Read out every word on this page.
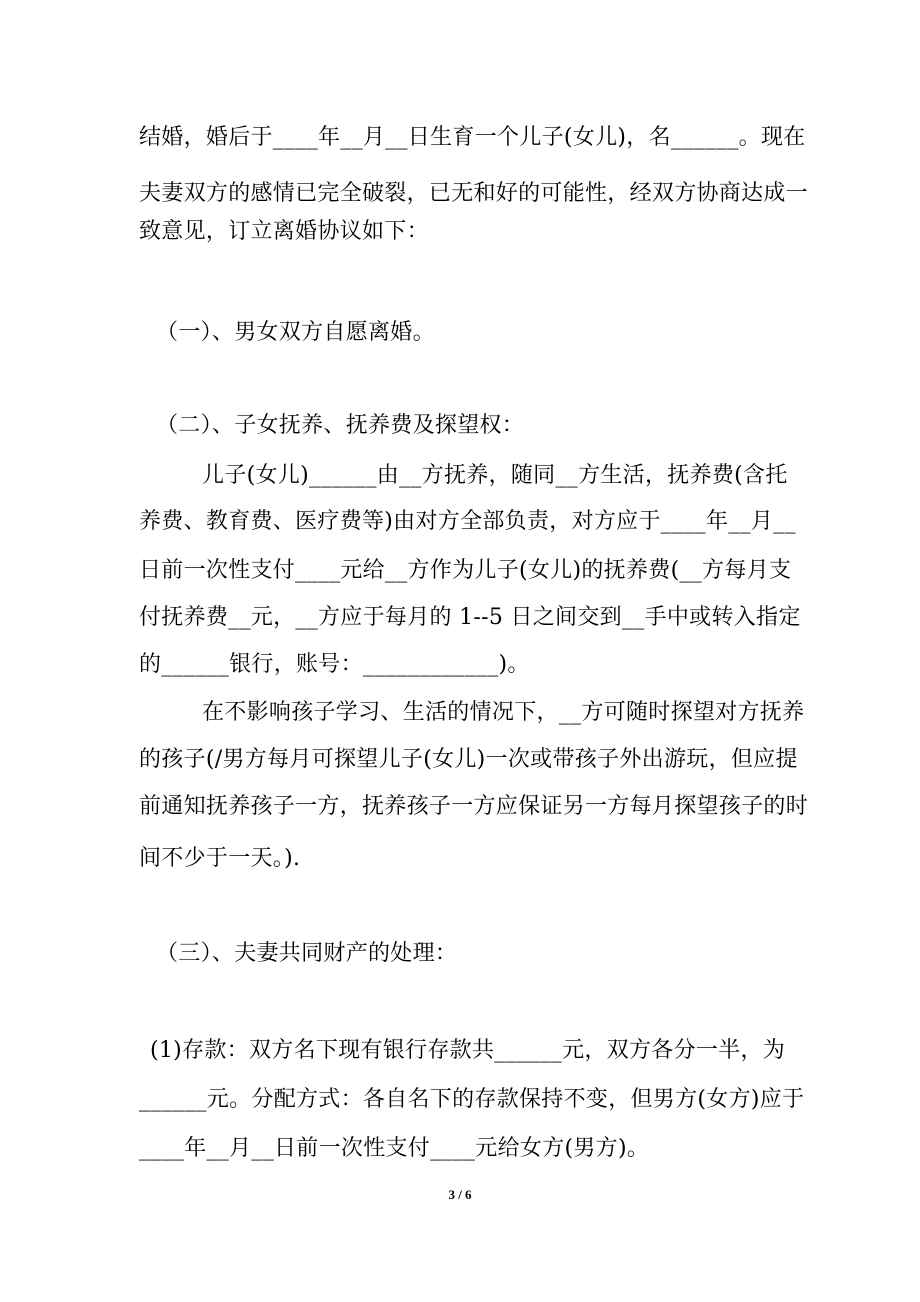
结婚，婚后于____年__月__日生育一个儿子(女儿)，名______。现在
夫妻双方的感情已完全破裂，已无和好的可能性，经双方协商达成一
致意见，订立离婚协议如下：
（一）、男女双方自愿离婚。
（二）、子女抚养、抚养费及探望权：
儿子(女儿)______由__方抚养，随同__方生活，抚养费(含托
养费、教育费、医疗费等)由对方全部负责，对方应于____年__月__
日前一次性支付____元给__方作为儿子(女儿)的抚养费(__方每月支
付抚养费__元，__方应于每月的 1--5 日之间交到__手中或转入指定
的______银行，账号：____________)。
在不影响孩子学习、生活的情况下，__方可随时探望对方抚养
的孩子(/男方每月可探望儿子(女儿)一次或带孩子外出游玩，但应提
前通知抚养孩子一方，抚养孩子一方应保证另一方每月探望孩子的时
间不少于一天。).
（三）、夫妻共同财产的处理：
(1)存款：双方名下现有银行存款共______元，双方各分一半，为
______元。分配方式：各自名下的存款保持不变，但男方(女方)应于
____年__月__日前一次性支付____元给女方(男方)。
3 / 6
